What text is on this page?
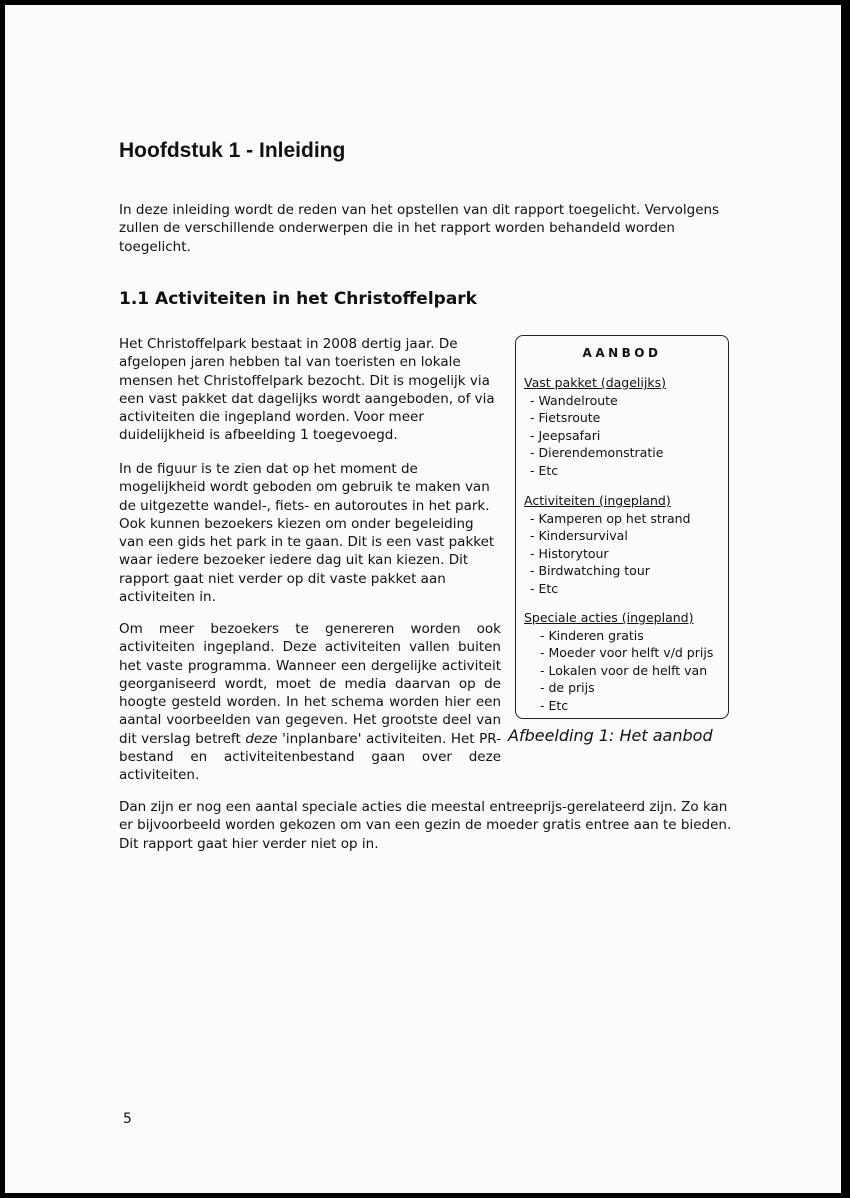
Hoofdstuk 1 - Inleiding

In deze inleiding wordt de reden van het opstellen van dit rapport toegelicht. Vervolgens zullen de verschillende onderwerpen die in het rapport worden behandeld worden toegelicht.

1.1 Activiteiten in het Christoffelpark

Het Christoffelpark bestaat in 2008 dertig jaar. De afgelopen jaren hebben tal van toeristen en lokale mensen het Christoffelpark bezocht. Dit is mogelijk via een vast pakket dat dagelijks wordt aangeboden, of via activiteiten die ingepland worden. Voor meer duidelijkheid is afbeelding 1 toegevoegd.

In de figuur is te zien dat op het moment de mogelijkheid wordt geboden om gebruik te maken van de uitgezette wandel-, fiets- en autoroutes in het park. Ook kunnen bezoekers kiezen om onder begeleiding van een gids het park in te gaan. Dit is een vast pakket waar iedere bezoeker iedere dag uit kan kiezen. Dit rapport gaat niet verder op dit vaste pakket aan activiteiten in.

Om meer bezoekers te genereren worden ook activiteiten ingepland. Deze activiteiten vallen buiten het vaste programma. Wanneer een dergelijke activiteit georganiseerd wordt, moet de media daarvan op de hoogte gesteld worden. In het schema worden hier een aantal voorbeelden van gegeven. Het grootste deel van dit verslag betreft deze 'inplanbare' activiteiten. Het PR-bestand en activiteitenbestand gaan over deze activiteiten.

AANBOD

Vast pakket (dagelijks)

- Wandelroute
- Fietsroute
- Jeepsafari
- Dierendemonstratie
- Etc

Activiteiten (ingepland)

- Kamperen op het strand
- Kindersurvival
- Historytour
- Birdwatching tour
- Etc

Speciale acties (ingepland)

- Kinderen gratis
- Moeder voor helft v/d prijs
- Lokalen voor de helft van
- de prijs
- Etc
Afbeelding 1: Het aanbod

Dan zijn er nog een aantal speciale acties die meestal entreeprijs-gerelateerd zijn. Zo kan er bijvoorbeeld worden gekozen om van een gezin de moeder gratis entree aan te bieden. Dit rapport gaat hier verder niet op in.

5
